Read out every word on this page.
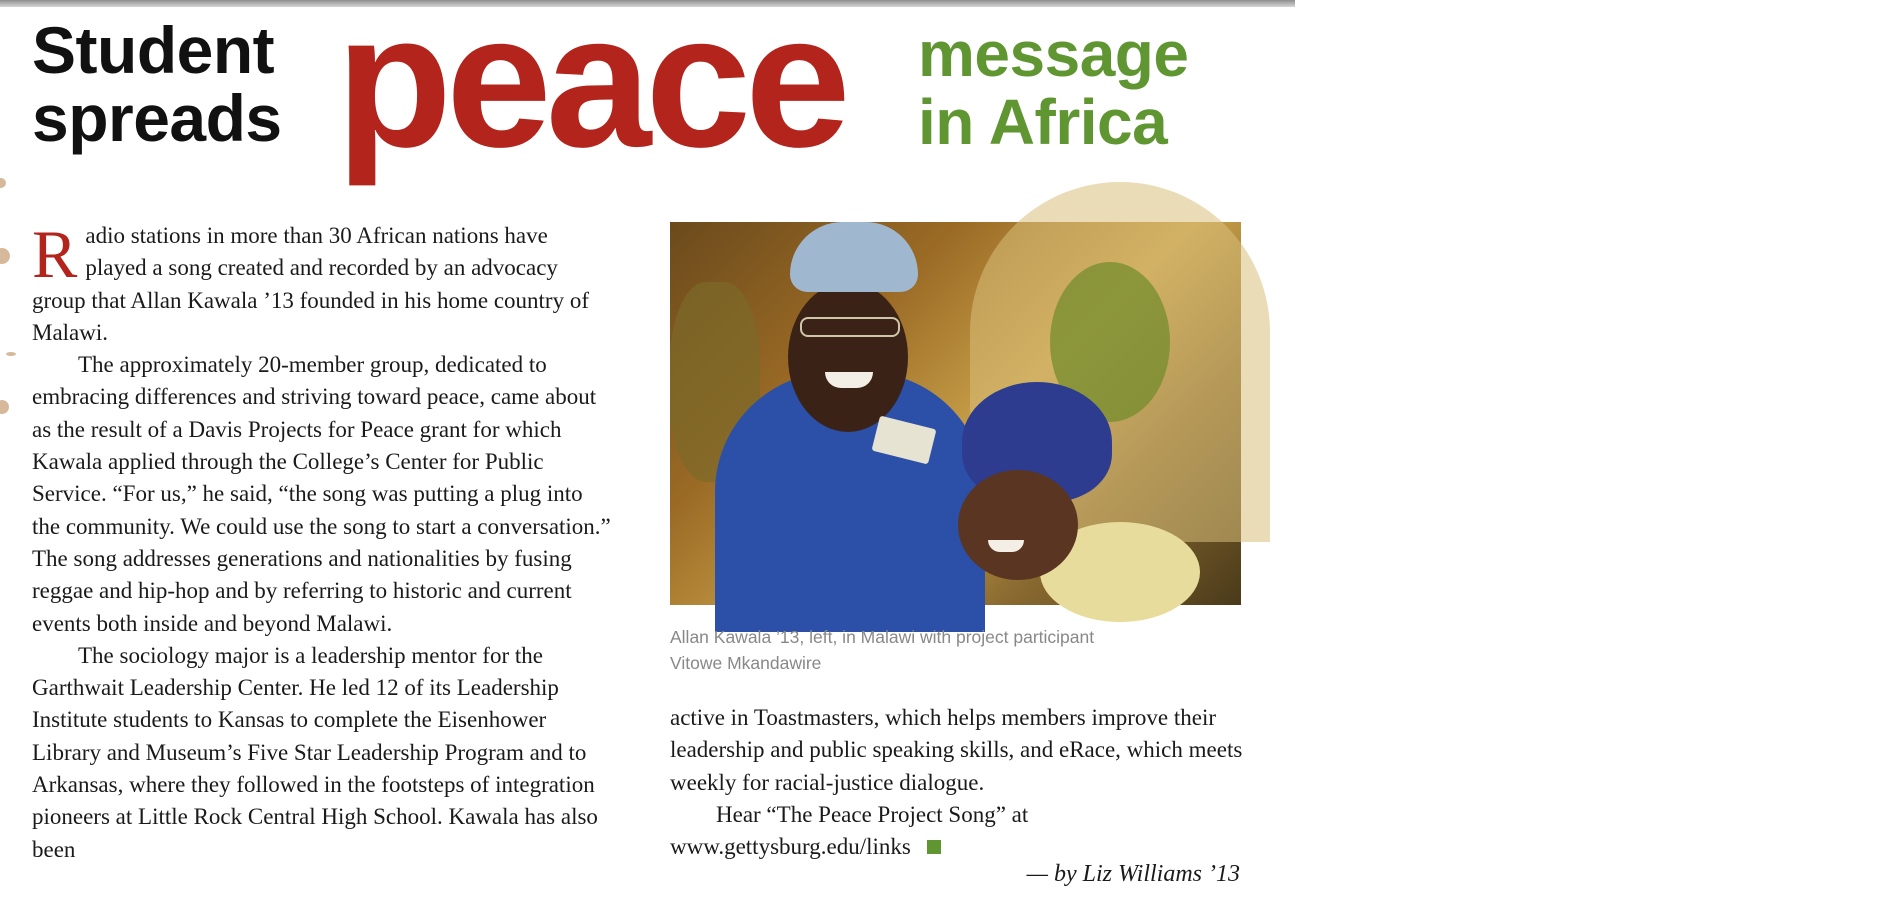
Student
spreads peace message
in Africa

Radio stations in more than 30 African nations have played a song created and recorded by an advocacy group that Allan Kawala ’13 founded in his home country of Malawi.

The approximately 20-member group, dedicated to embracing differences and striving toward peace, came about as the result of a Davis Projects for Peace grant for which Kawala applied through the College’s Center for Public Service. “For us,” he said, “the song was putting a plug into the community. We could use the song to start a conversation.” The song addresses generations and nationalities by fusing reggae and hip-hop and by referring to historic and current events both inside and beyond Malawi.

The sociology major is a leadership mentor for the Garthwait Leadership Center. He led 12 of its Leadership Institute students to Kansas to complete the Eisenhower Library and Museum’s Five Star Leadership Program and to Arkansas, where they followed in the footsteps of integration pioneers at Little Rock Central High School. Kawala has also been

Photo by Brian Chapita
Allan Kawala ’13, left, in Malawi with project participant
Vitowe Mkandawire

active in Toastmasters, which helps members improve their leadership and public speaking skills, and eRace, which meets weekly for racial-justice dialogue.

Hear “The Peace Project Song” at www.gettysburg.edu/links

— by Liz Williams ’13
